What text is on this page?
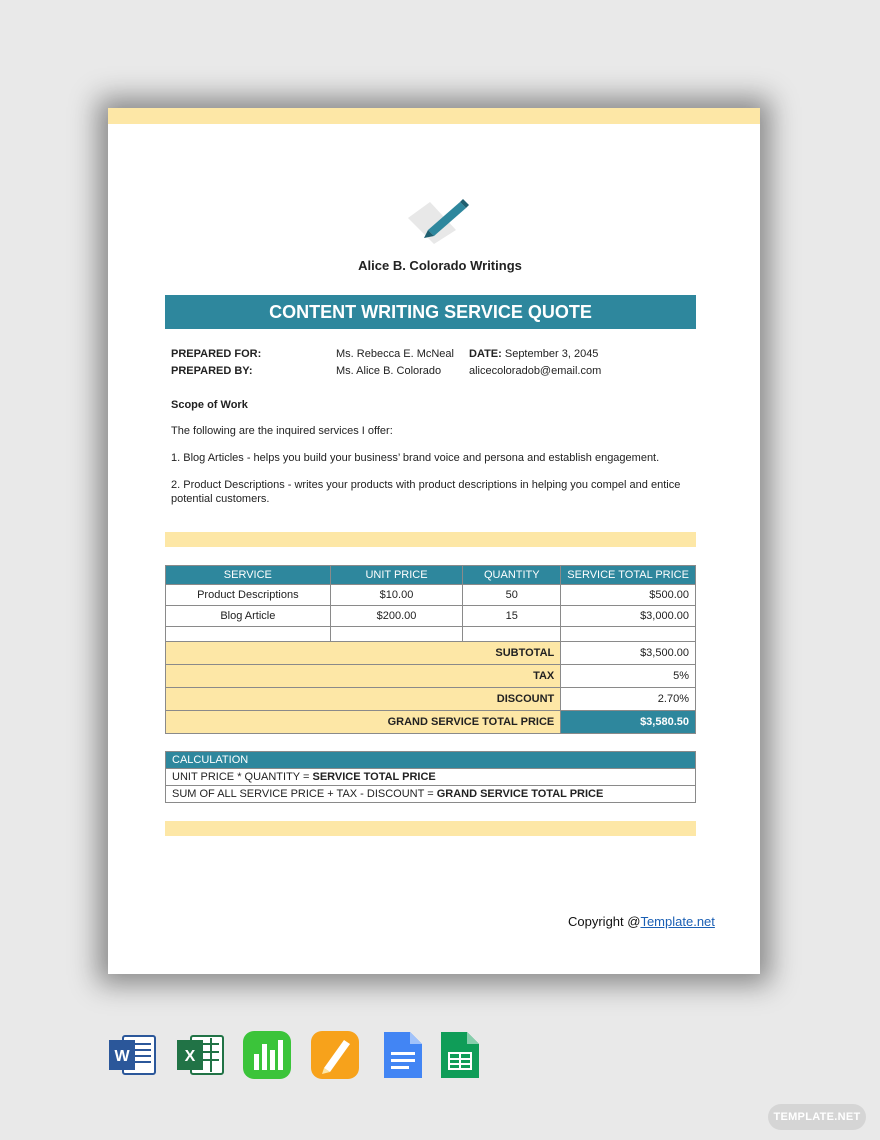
Alice B. Colorado Writings
CONTENT WRITING SERVICE QUOTE
PREPARED FOR:	Ms. Rebecca E. McNeal DATE: September 3, 2045
PREPARED BY:	Ms. Alice B. Colorado	alicecoloradob@email.com
Scope of Work
The following are the inquired services I offer:
1. Blog Articles - helps you build your business’ brand voice and persona and establish engagement.
2. Product Descriptions - writes your products with product descriptions in helping you compel and entice potential customers.
SERVICE	UNIT PRICE	QUANTITY	SERVICE TOTAL PRICE
Product Descriptions	$10.00	50	$500.00
Blog Article	$200.00	15	$3,000.00

SUBTOTAL			$3,500.00
TAX			5%
DISCOUNT			2.70%
GRAND SERVICE TOTAL PRICE			$3,580.50
CALCULATION
UNIT PRICE * QUANTITY = SERVICE TOTAL PRICE
SUM OF ALL SERVICE PRICE + TAX - DISCOUNT = GRAND SERVICE TOTAL PRICE
Copyright @Template.net
W	X
TEMPLATE.NET
